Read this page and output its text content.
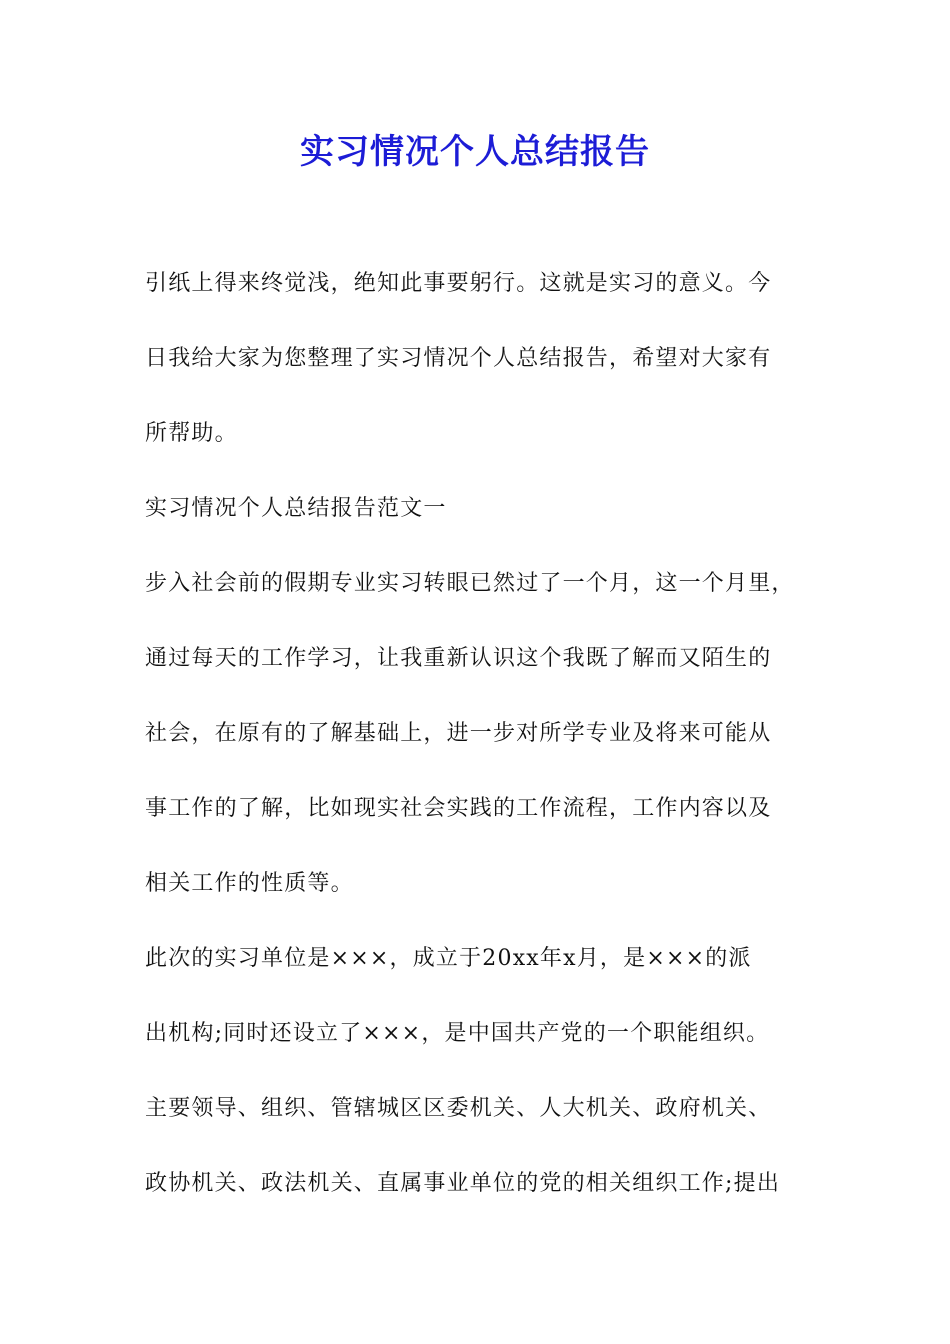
实习情况个人总结报告
引纸上得来终觉浅，绝知此事要躬行。这就是实习的意义。今
日我给大家为您整理了实习情况个人总结报告，希望对大家有
所帮助。
实习情况个人总结报告范文一
步入社会前的假期专业实习转眼已然过了一个月，这一个月里，
通过每天的工作学习，让我重新认识这个我既了解而又陌生的
社会，在原有的了解基础上，进一步对所学专业及将来可能从
事工作的了解，比如现实社会实践的工作流程，工作内容以及
相关工作的性质等。
此次的实习单位是×××，成立于20xx年x月，是×××的派
出机构;同时还设立了×××，是中国共产党的一个职能组织。
主要领导、组织、管辖城区区委机关、人大机关、政府机关、
政协机关、政法机关、直属事业单位的党的相关组织工作;提出
